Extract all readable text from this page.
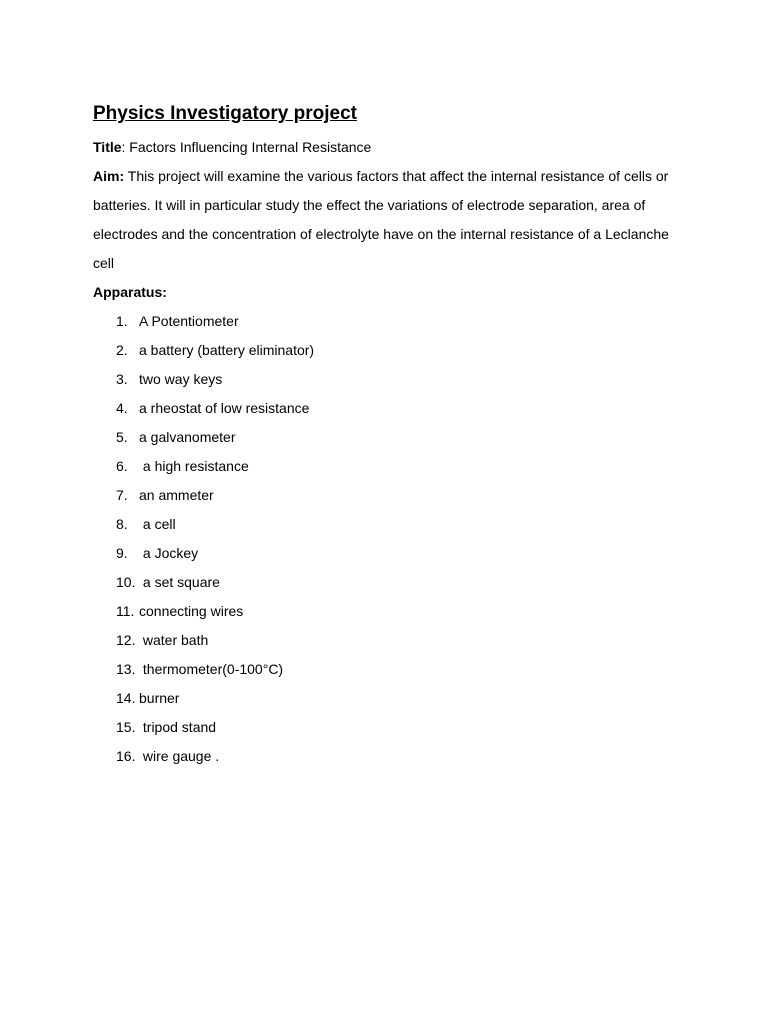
Physics Investigatory project

Title: Factors Influencing Internal Resistance

Aim: This project will examine the various factors that affect the internal resistance of cells or batteries. It will in particular study the effect the variations of electrode separation, area of electrodes and the concentration of electrolyte have on the internal resistance of a Leclanche cell

Apparatus:

1. A Potentiometer
2. a battery (battery eliminator)
3. two way keys
4. a rheostat of low resistance
5. a galvanometer
6. a high resistance
7. an ammeter
8. a cell
9. a Jockey
10. a set square
11. connecting wires
12. water bath
13. thermometer(0-100°C)
14. burner
15. tripod stand
16. wire gauge .
